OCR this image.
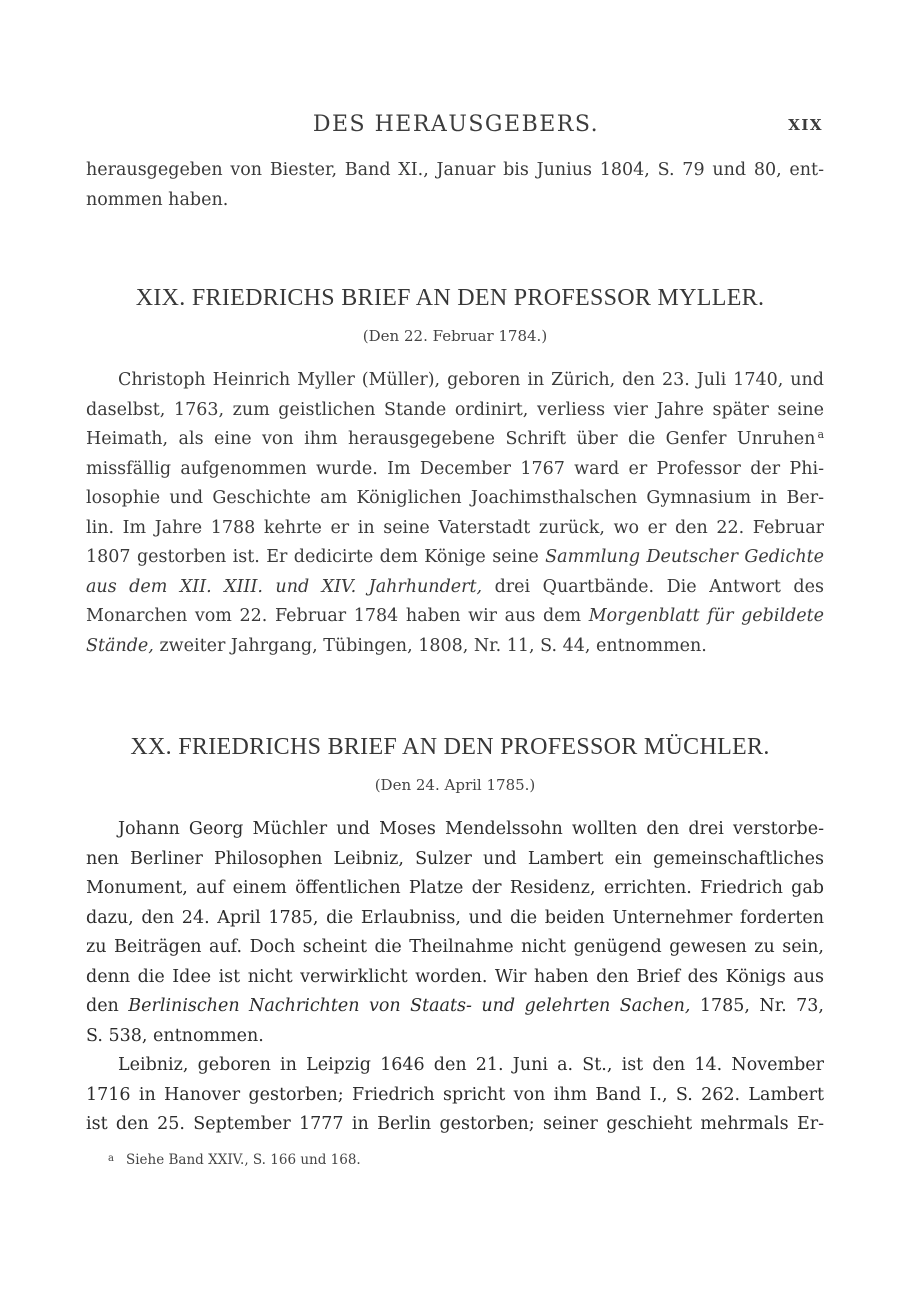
DES HERAUSGEBERS.	XIX
herausgegeben von Biester, Band XI., Januar bis Junius 1804, S. 79 und 80, ent-
nommen haben.
XIX. FRIEDRICHS BRIEF AN DEN PROFESSOR MYLLER.
(Den 22. Februar 1784.)
Christoph Heinrich Myller (Müller), geboren in Zürich, den 23. Juli 1740, und
daselbst, 1763, zum geistlichen Stande ordinirt, verliess vier Jahre später seine
Heimath, als eine von ihm herausgegebene Schrift über die Genfer Unruhen $^a$
missfällig aufgenommen wurde. Im December 1767 ward er Professor der Phi-
losophie und Geschichte am Königlichen Joachimsthalschen Gymnasium in Ber-
lin. Im Jahre 1788 kehrte er in seine Vaterstadt zurück, wo er den 22. Februar
1807 gestorben ist. Er dedicirte dem Könige seine Sammlung Deutscher Gedichte
aus dem XII. XIII. und XIV. Jahrhundert, drei Quartbände. Die Antwort des
Monarchen vom 22. Februar 1784 haben wir aus dem Morgenblatt für gebildete
Stände, zweiter Jahrgang, Tübingen, 1808, Nr. 11, S. 44, entnommen.
XX. FRIEDRICHS BRIEF AN DEN PROFESSOR MÜCHLER.
(Den 24. April 1785.)
Johann Georg Müchler und Moses Mendelssohn wollten den drei verstorbe-
nen Berliner Philosophen Leibniz, Sulzer und Lambert ein gemeinschaftliches
Monument, auf einem öffentlichen Platze der Residenz, errichten. Friedrich gab
dazu, den 24. April 1785, die Erlaubniss, und die beiden Unternehmer forderten
zu Beiträgen auf. Doch scheint die Theilnahme nicht genügend gewesen zu sein,
denn die Idee ist nicht verwirklicht worden. Wir haben den Brief des Königs aus
den Berlinischen Nachrichten von Staats- und gelehrten Sachen, 1785, Nr. 73,
S. 538, entnommen.
Leibniz, geboren in Leipzig 1646 den 21. Juni a. St., ist den 14. November
1716 in Hanover gestorben; Friedrich spricht von ihm Band I., S. 262. Lambert
ist den 25. September 1777 in Berlin gestorben; seiner geschieht mehrmals Er-
$^a$ Siehe Band XXIV., S. 166 und 168.
